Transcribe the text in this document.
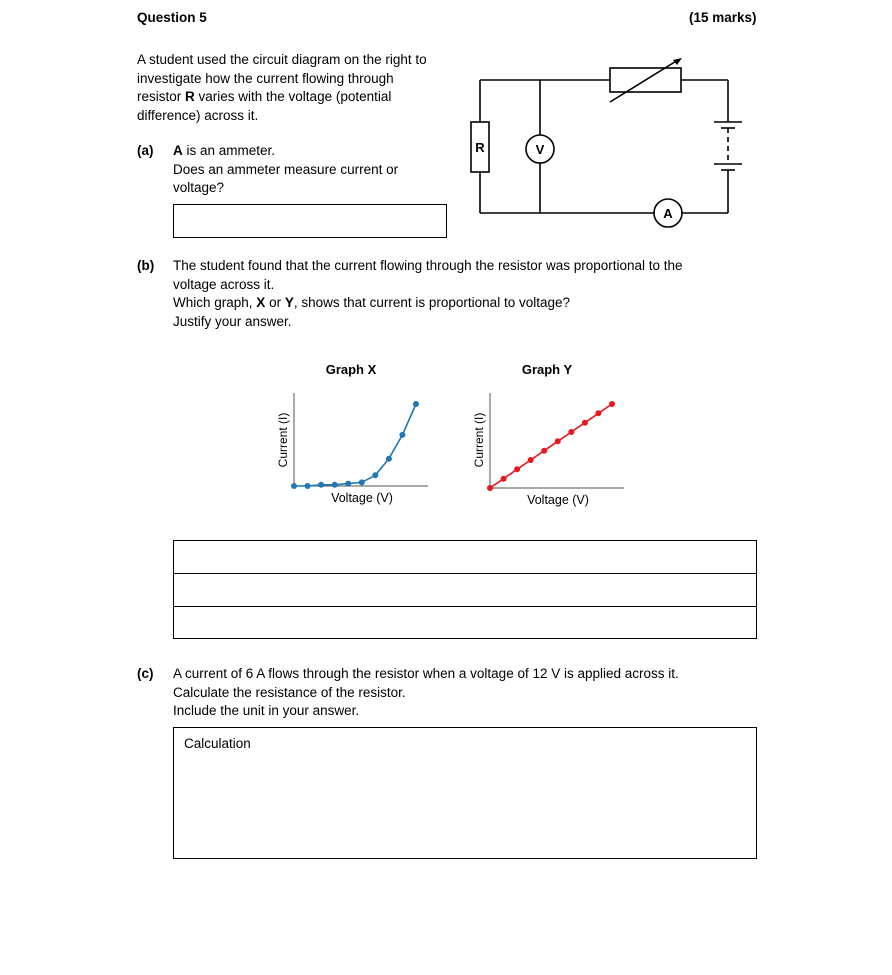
Question 5	(15 marks)
A student used the circuit diagram on the right to
investigate how the current flowing through
resistor R varies with the voltage (potential
difference) across it.
R	V
A
(a) A is an ammeter.
Does an ammeter measure current or
voltage?
(b) The student found that the current flowing through the resistor was proportional to the
voltage across it.
Which graph, X or Y, shows that current is proportional to voltage?
Justify your answer.
Graph X
Current (I)
Voltage (V)
Graph Y
Current (I)
Voltage (V)
(c) A current of 6 A flows through the resistor when a voltage of 12 V is applied across it.
Calculate the resistance of the resistor.
Include the unit in your answer.
Calculation
